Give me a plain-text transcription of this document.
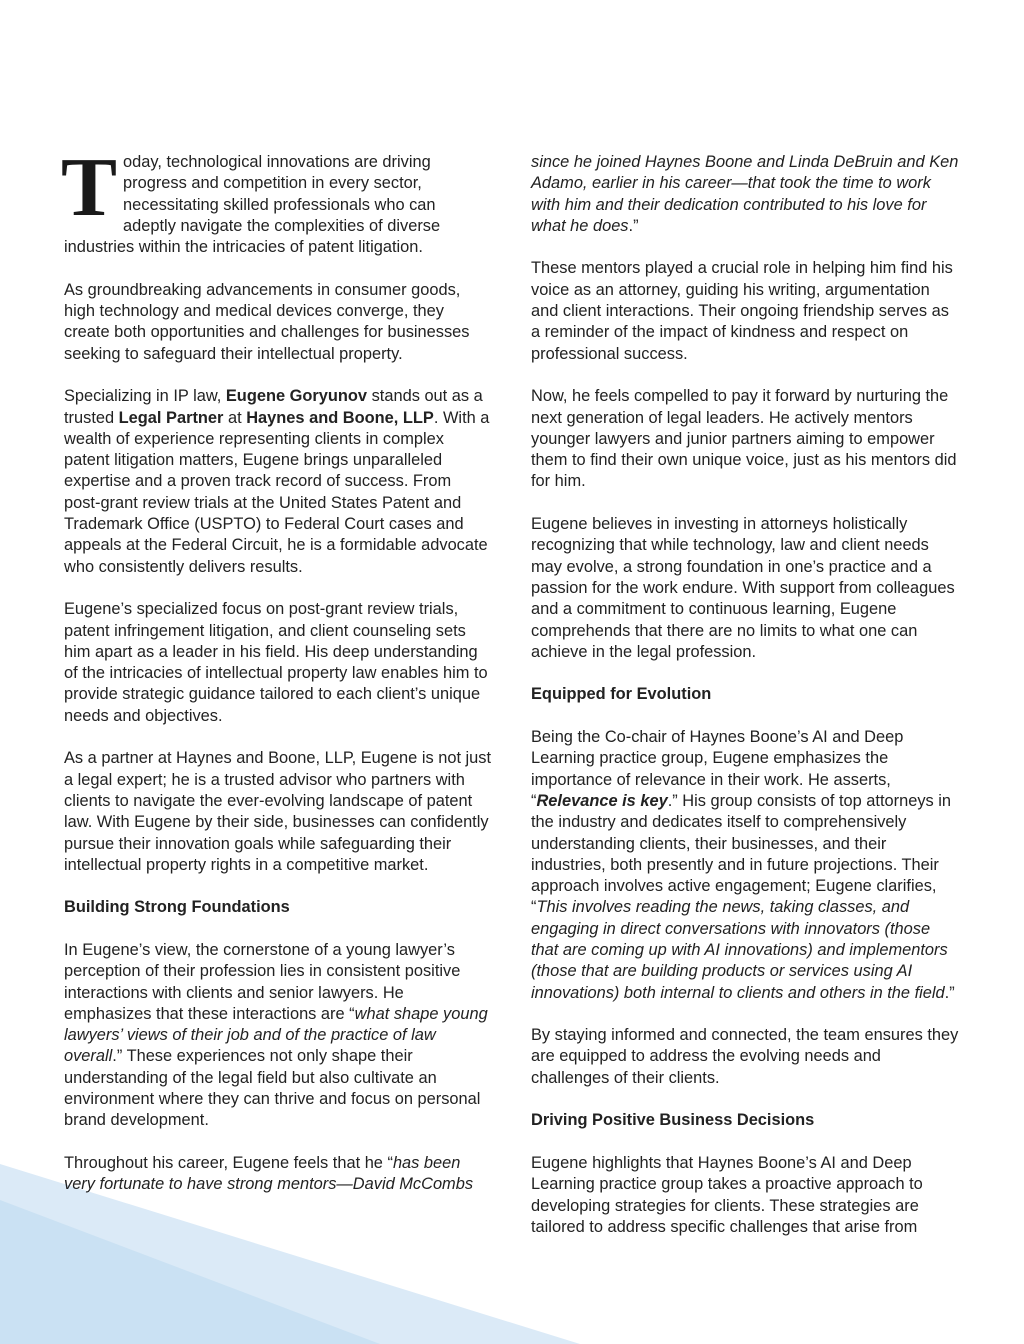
Today, technological innovations are driving progress and competition in every sector, necessitating skilled professionals who can adeptly navigate the complexities of diverse industries within the intricacies of patent litigation.

As groundbreaking advancements in consumer goods, high technology and medical devices converge, they create both opportunities and challenges for businesses seeking to safeguard their intellectual property.

Specializing in IP law, Eugene Goryunov stands out as a trusted Legal Partner at Haynes and Boone, LLP. With a wealth of experience representing clients in complex patent litigation matters, Eugene brings unparalleled expertise and a proven track record of success. From post-grant review trials at the United States Patent and Trademark Office (USPTO) to Federal Court cases and appeals at the Federal Circuit, he is a formidable advocate who consistently delivers results.

Eugene’s specialized focus on post-grant review trials, patent infringement litigation, and client counseling sets him apart as a leader in his field. His deep understanding of the intricacies of intellectual property law enables him to provide strategic guidance tailored to each client’s unique needs and objectives.

As a partner at Haynes and Boone, LLP, Eugene is not just a legal expert; he is a trusted advisor who partners with clients to navigate the ever-evolving landscape of patent law. With Eugene by their side, businesses can confidently pursue their innovation goals while safeguarding their intellectual property rights in a competitive market.

Building Strong Foundations

In Eugene’s view, the cornerstone of a young lawyer’s perception of their profession lies in consistent positive interactions with clients and senior lawyers. He emphasizes that these interactions are “what shape young lawyers’ views of their job and of the practice of law overall.” These experiences not only shape their understanding of the legal field but also cultivate an environment where they can thrive and focus on personal brand development.

Throughout his career, Eugene feels that he “has been very fortunate to have strong mentors—David McCombs

since he joined Haynes Boone and Linda DeBruin and Ken Adamo, earlier in his career—that took the time to work with him and their dedication contributed to his love for what he does.”

These mentors played a crucial role in helping him find his voice as an attorney, guiding his writing, argumentation and client interactions. Their ongoing friendship serves as a reminder of the impact of kindness and respect on professional success.

Now, he feels compelled to pay it forward by nurturing the next generation of legal leaders. He actively mentors younger lawyers and junior partners aiming to empower them to find their own unique voice, just as his mentors did for him.

Eugene believes in investing in attorneys holistically recognizing that while technology, law and client needs may evolve, a strong foundation in one’s practice and a passion for the work endure. With support from colleagues and a commitment to continuous learning, Eugene comprehends that there are no limits to what one can achieve in the legal profession.

Equipped for Evolution

Being the Co-chair of Haynes Boone’s AI and Deep Learning practice group, Eugene emphasizes the importance of relevance in their work. He asserts, “Relevance is key.” His group consists of top attorneys in the industry and dedicates itself to comprehensively understanding clients, their businesses, and their industries, both presently and in future projections. Their approach involves active engagement; Eugene clarifies, “This involves reading the news, taking classes, and engaging in direct conversations with innovators (those that are coming up with AI innovations) and implementors (those that are building products or services using AI innovations) both internal to clients and others in the field.”

By staying informed and connected, the team ensures they are equipped to address the evolving needs and challenges of their clients.

Driving Positive Business Decisions

Eugene highlights that Haynes Boone’s AI and Deep Learning practice group takes a proactive approach to developing strategies for clients. These strategies are tailored to address specific challenges that arise from
